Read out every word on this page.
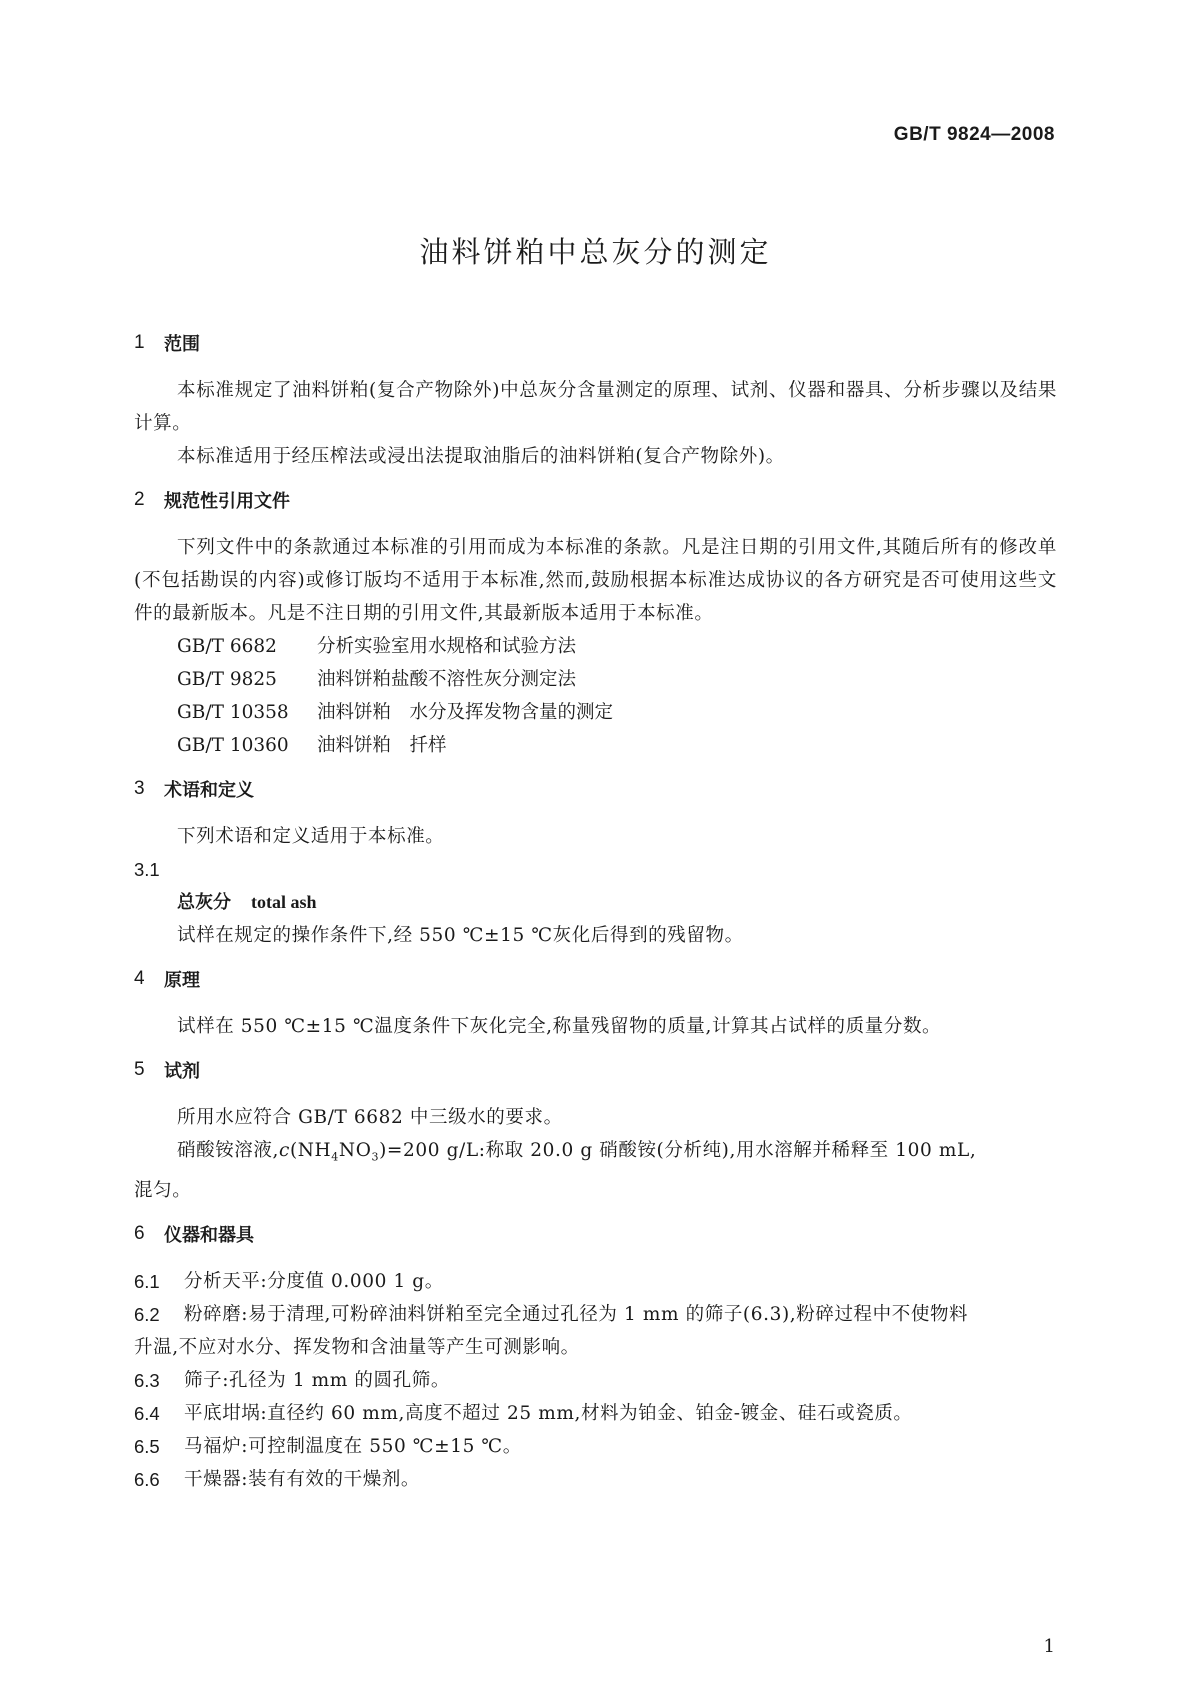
GB/T 9824—2008
油料饼粕中总灰分的测定
1	范围
本标准规定了油料饼粕(复合产物除外)中总灰分含量测定的原理、试剂、仪器和器具、分析步骤以及结果计算。
本标准适用于经压榨法或浸出法提取油脂后的油料饼粕(复合产物除外)。
2	规范性引用文件
下列文件中的条款通过本标准的引用而成为本标准的条款。凡是注日期的引用文件,其随后所有的修改单(不包括勘误的内容)或修订版均不适用于本标准,然而,鼓励根据本标准达成协议的各方研究是否可使用这些文件的最新版本。凡是不注日期的引用文件,其最新版本适用于本标准。
GB/T 6682	分析实验室用水规格和试验方法
GB/T 9825	油料饼粕盐酸不溶性灰分测定法
GB/T 10358	油料饼粕　水分及挥发物含量的测定
GB/T 10360	油料饼粕　扦样
3	术语和定义
下列术语和定义适用于本标准。
3.1
总灰分 total ash
试样在规定的操作条件下,经 550 ℃±15 ℃灰化后得到的残留物。
4	原理
试样在 550 ℃±15 ℃温度条件下灰化完全,称量残留物的质量,计算其占试样的质量分数。
5	试剂
所用水应符合 GB/T 6682 中三级水的要求。
硝酸铵溶液$,c(NH_4NO_3)=200$ g/L:称取 20.0 g 硝酸铵(分析纯),用水溶解并稀释至 100 mL,
混匀。
6	仪器和器具
6.1	分析天平:分度值 0.000 1 g。
6.2	粉碎磨:易于清理,可粉碎油料饼粕至完全通过孔径为 1 mm 的筛子(6.3),粉碎过程中不使物料
升温,不应对水分、挥发物和含油量等产生可测影响。
6.3	筛子:孔径为 1 mm 的圆孔筛。
6.4	平底坩埚:直径约 60 mm,高度不超过 25 mm,材料为铂金、铂金-镀金、硅石或瓷质。
6.5	马福炉:可控制温度在 550 ℃±15 ℃。
6.6	干燥器:装有有效的干燥剂。
1
